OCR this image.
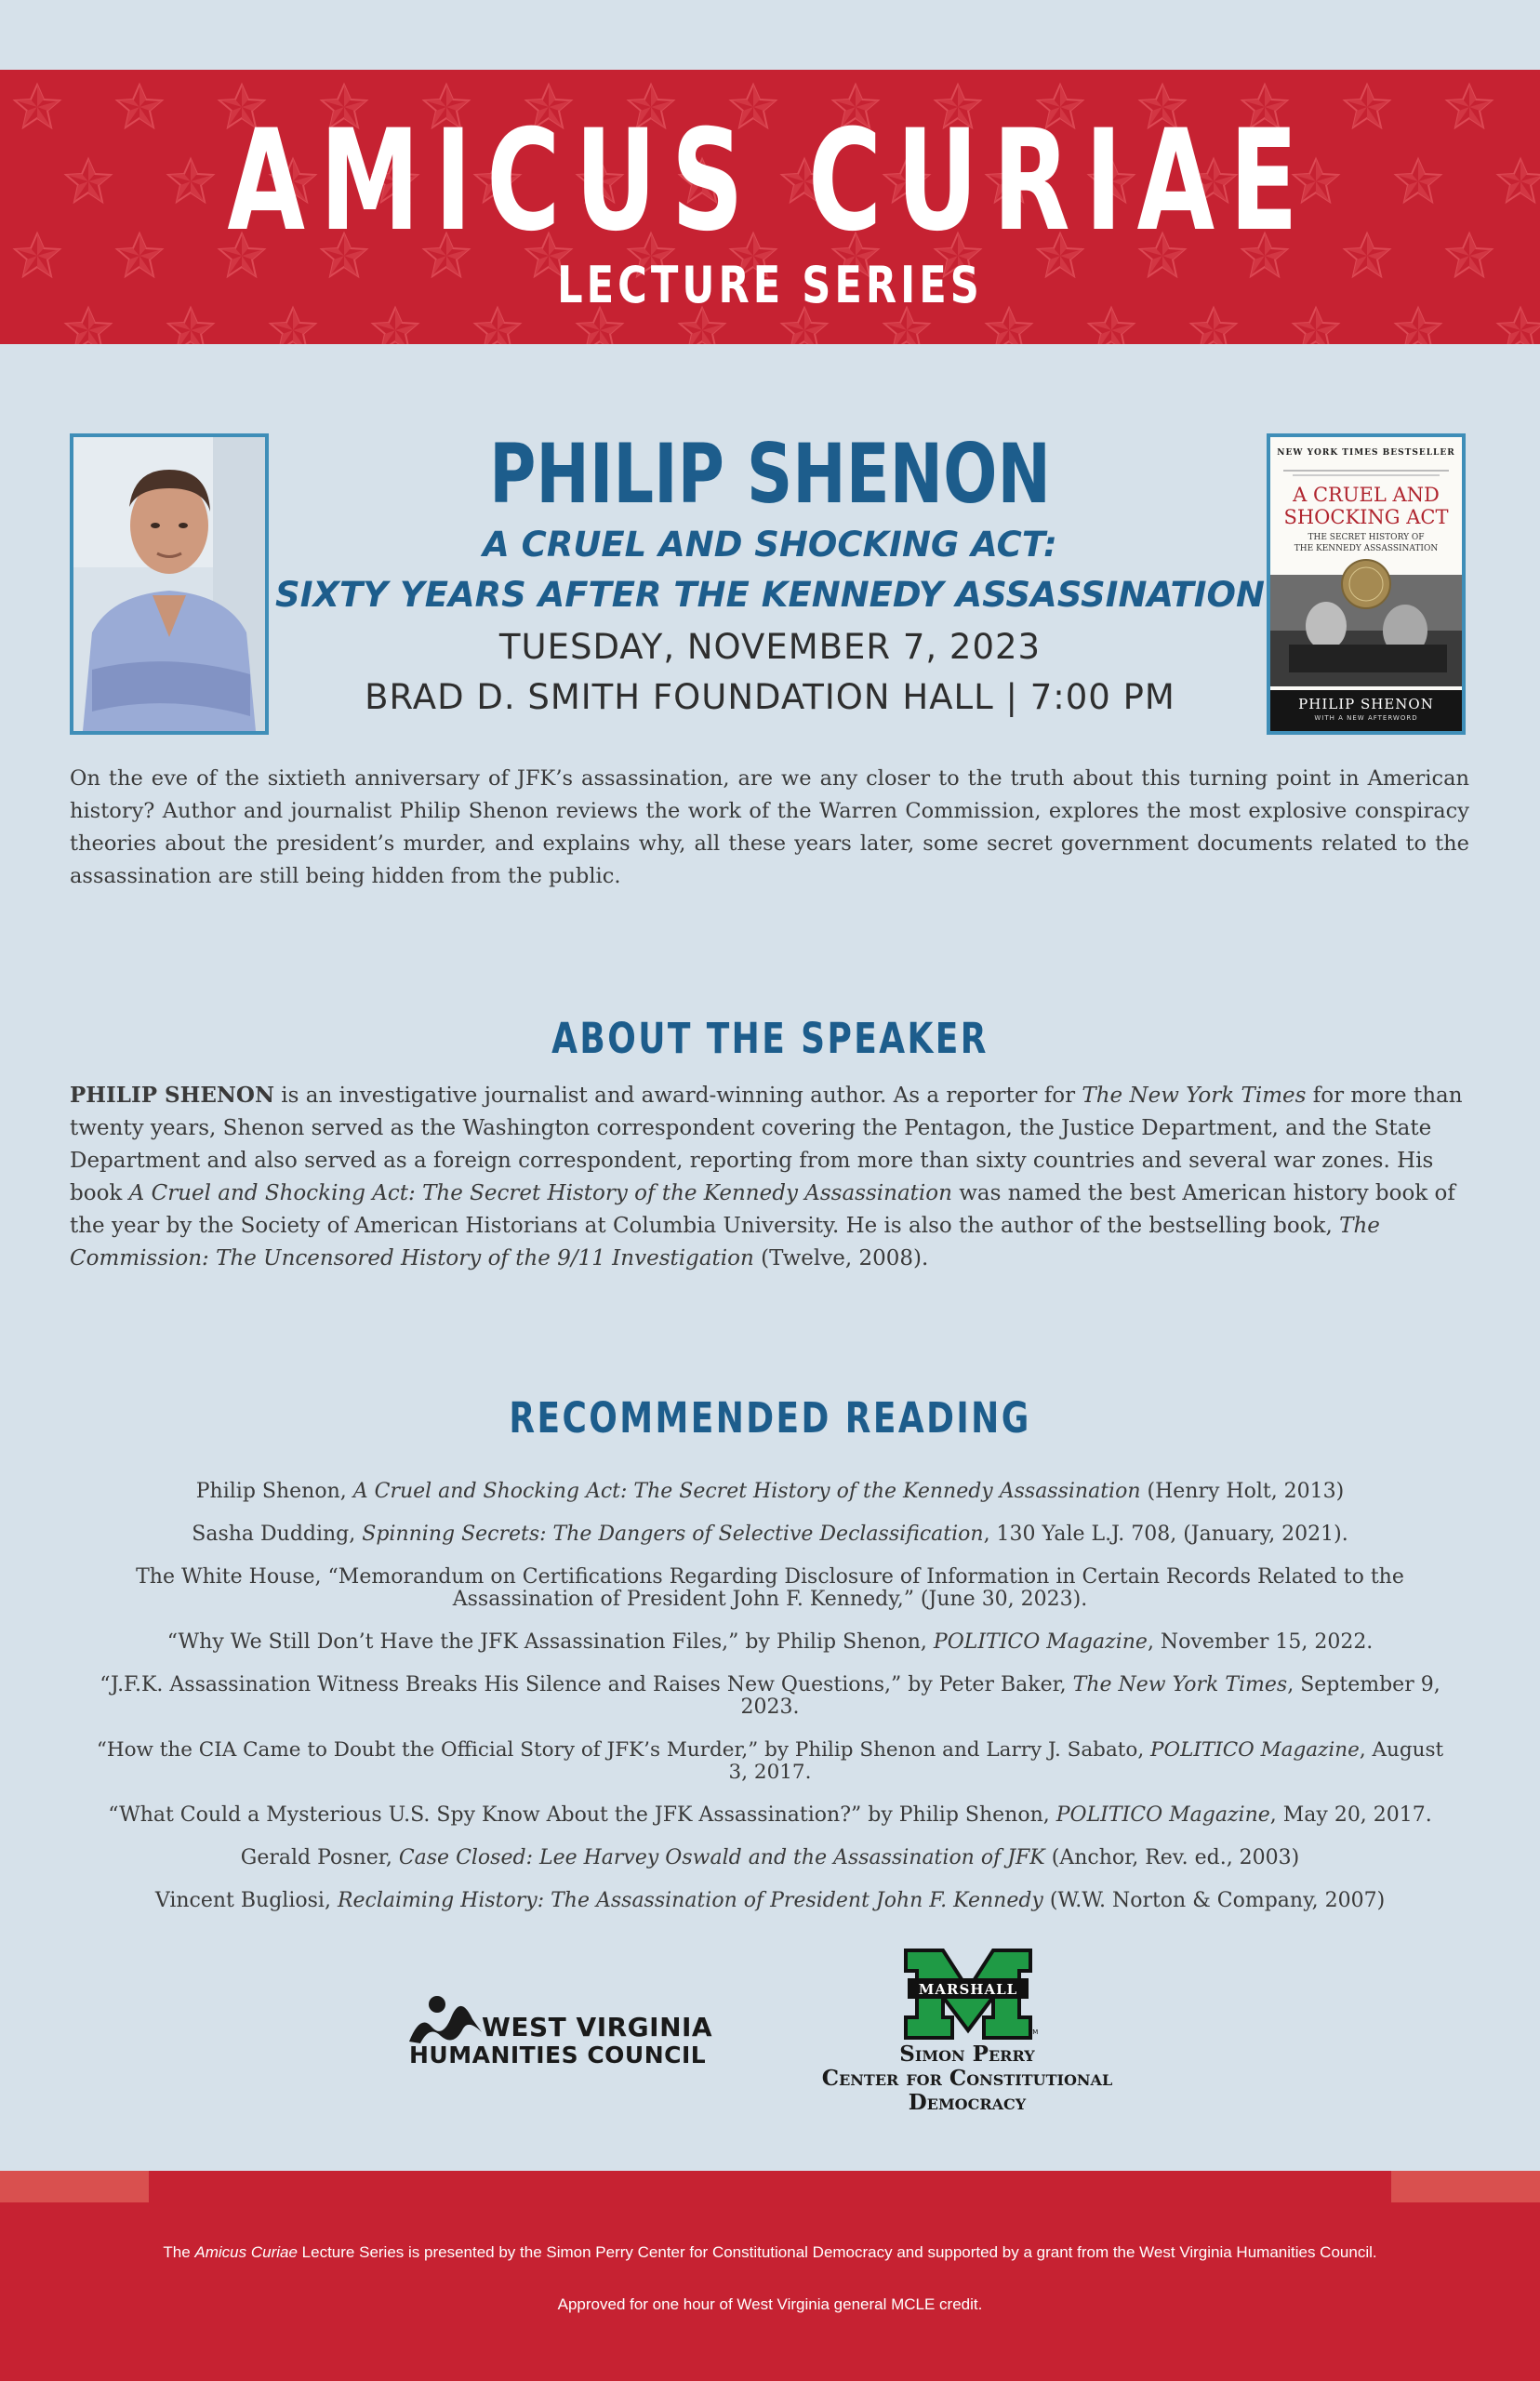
AMICUS CURIAE
LECTURE SERIES
NEW YORK TIMES BESTSELLER
A CRUEL AND
SHOCKING ACT
THE SECRET HISTORY OF
THE KENNEDY ASSASSINATION
PHILIP SHENON
WITH A NEW AFTERWORD
PHILIP SHENON
A CRUEL AND SHOCKING ACT:
SIXTY YEARS AFTER THE KENNEDY ASSASSINATION
TUESDAY, NOVEMBER 7, 2023
BRAD D. SMITH FOUNDATION HALL | 7:00 PM
On the eve of the sixtieth anniversary of JFK’s assassination, are we any closer to the truth about this turning point in American history? Author and journalist Philip Shenon reviews the work of the Warren Commission, explores the most explosive conspiracy theories about the president’s murder, and explains why, all these years later, some secret government documents related to the assassination are still being hidden from the public.
ABOUT THE SPEAKER
PHILIP SHENON is an investigative journalist and award-winning author. As a reporter for The New York Times for more than twenty years, Shenon served as the Washington correspondent covering the Pentagon, the Justice Department, and the State Department and also served as a foreign correspondent, reporting from more than sixty countries and several war zones. His book A Cruel and Shocking Act: The Secret History of the Kennedy Assassination was named the best American history book of the year by the Society of American Historians at Columbia University. He is also the author of the bestselling book, The Commission: The Uncensored History of the 9/11 Investigation (Twelve, 2008).
RECOMMENDED READING
Philip Shenon, A Cruel and Shocking Act: The Secret History of the Kennedy Assassination (Henry Holt, 2013)
Sasha Dudding, Spinning Secrets: The Dangers of Selective Declassification, 130 Yale L.J. 708, (January, 2021).
The White House, “Memorandum on Certifications Regarding Disclosure of Information in Certain Records Related to the Assassination of President John F. Kennedy,” (June 30, 2023).
“Why We Still Don’t Have the JFK Assassination Files,” by Philip Shenon, POLITICO Magazine, November 15, 2022.
“J.F.K. Assassination Witness Breaks His Silence and Raises New Questions,” by Peter Baker, The New York Times, September 9, 2023.
“How the CIA Came to Doubt the Official Story of JFK’s Murder,” by Philip Shenon and Larry J. Sabato, POLITICO Magazine, August 3, 2017.
“What Could a Mysterious U.S. Spy Know About the JFK Assassination?” by Philip Shenon, POLITICO Magazine, May 20, 2017.
Gerald Posner, Case Closed: Lee Harvey Oswald and the Assassination of JFK (Anchor, Rev. ed., 2003)
Vincent Bugliosi, Reclaiming History: The Assassination of President John F. Kennedy (W.W. Norton & Company, 2007)
WEST VIRGINIA
HUMANITIES COUNCIL
MARSHALL
TM
Simon Perry
Center for Constitutional
Democracy
The Amicus Curiae Lecture Series is presented by the Simon Perry Center for Constitutional Democracy and supported by a grant from the West Virginia Humanities Council.
Approved for one hour of West Virginia general MCLE credit.
